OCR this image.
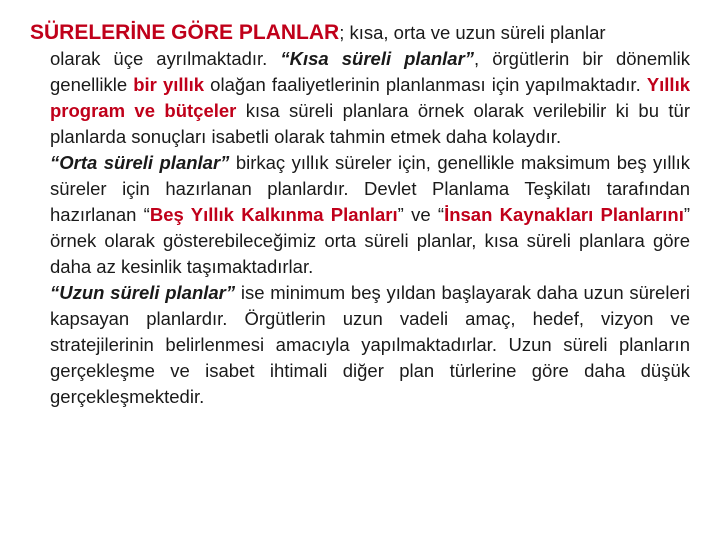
SÜRELERİNE GÖRE PLANLAR; kısa, orta ve uzun süreli planlar

olarak üçe ayrılmaktadır. “Kısa süreli planlar”, örgütlerin bir dönemlik genellikle bir yıllık olağan faaliyetlerinin planlanması için yapılmaktadır. Yıllık program ve bütçeler kısa süreli planlara örnek olarak verilebilir ki bu tür planlarda sonuçları isabetli olarak tahmin etmek daha kolaydır.

“Orta süreli planlar” birkaç yıllık süreler için, genellikle maksimum beş yıllık süreler için hazırlanan planlardır. Devlet Planlama Teşkilatı tarafından hazırlanan “Beş Yıllık Kalkınma Planları” ve “İnsan Kaynakları Planlarını” örnek olarak gösterebileceğimiz orta süreli planlar, kısa süreli planlara göre daha az kesinlik taşımaktadırlar.

“Uzun süreli planlar” ise minimum beş yıldan başlayarak daha uzun süreleri kapsayan planlardır. Örgütlerin uzun vadeli amaç, hedef, vizyon ve stratejilerinin belirlenmesi amacıyla yapılmaktadırlar. Uzun süreli planların gerçekleşme ve isabet ihtimali diğer plan türlerine göre daha düşük gerçekleşmektedir.
